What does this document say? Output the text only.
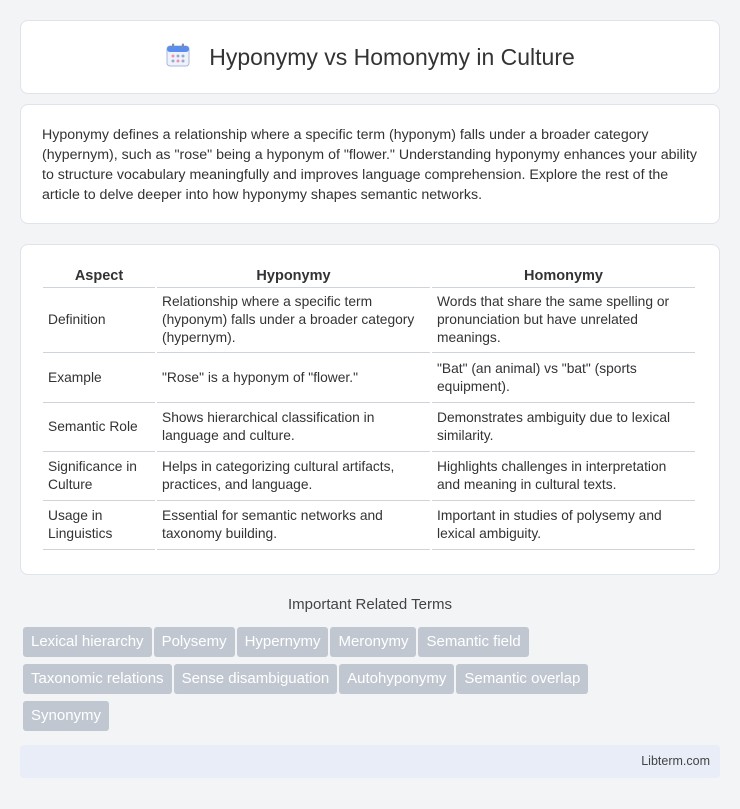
Hyponymy vs Homonymy in Culture

Hyponymy defines a relationship where a specific term (hyponym) falls under a broader category (hypernym), such as "rose" being a hyponym of "flower." Understanding hyponymy enhances your ability to structure vocabulary meaningfully and improves language comprehension. Explore the rest of the article to delve deeper into how hyponymy shapes semantic networks.

Aspect	Hyponymy	Homonymy
Definition	Relationship where a specific term (hyponym) falls under a broader category (hypernym).	Words that share the same spelling or pronunciation but have unrelated meanings.
Example	"Rose" is a hyponym of "flower."	"Bat" (an animal) vs "bat" (sports equipment).
Semantic Role	Shows hierarchical classification in language and culture.	Demonstrates ambiguity due to lexical similarity.
Significance in Culture	Helps in categorizing cultural artifacts, practices, and language.	Highlights challenges in interpretation and meaning in cultural texts.
Usage in Linguistics	Essential for semantic networks and taxonomy building.	Important in studies of polysemy and lexical ambiguity.
Important Related Terms
Lexical hierarchy Polysemy Hypernymy Meronymy Semantic field
Taxonomic relations Sense disambiguation Autohyponymy Semantic overlap
Synonymy
Libterm.com
